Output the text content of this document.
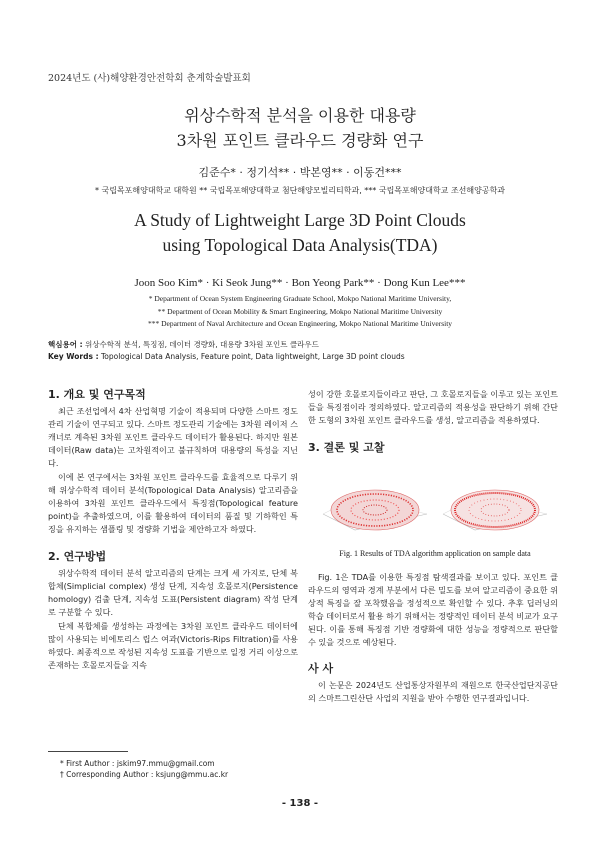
2024년도 (사)해양환경안전학회 춘계학술발표회
위상수학적 분석을 이용한 대용량
3차원 포인트 클라우드 경량화 연구
김준수* · 정기석** · 박본영** · 이동건***
* 국립목포해양대학교 대학원 ** 국립목포해양대학교 첨단해양모빌리티학과, *** 국립목포해양대학교 조선해양공학과
A Study of Lightweight Large 3D Point Clouds
using Topological Data Analysis(TDA)
Joon Soo Kim* · Ki Seok Jung** · Bon Yeong Park** · Dong Kun Lee***
* Department of Ocean System Engineering Graduate School, Mokpo National Maritime University,
** Department of Ocean Mobility & Smart Engineering, Mokpo National Maritime University
*** Department of Naval Architecture and Ocean Engineering, Mokpo National Maritime University
핵심용어 : 위상수학적 분석, 특징점, 데이터 경량화, 대용량 3차원 포인트 클라우드
Key Words : Topological Data Analysis, Feature point, Data lightweight, Large 3D point clouds
1. 개요 및 연구목적

최근 조선업에서 4차 산업혁명 기술이 적용되며 다양한 스마트 정도관리 기술이 연구되고 있다. 스마트 정도관리 기술에는 3차원 레이저 스캐너로 계측된 3차원 포인트 클라우드 데이터가 활용된다. 하지만 원본 데이터(Raw data)는 고차원적이고 불규칙하며 대용량의 특성을 지닌다.

이에 본 연구에서는 3차원 포인트 클라우드를 효율적으로 다루기 위해 위상수학적 데이터 분석(Topological Data Analysis) 알고리즘을 이용하여 3차원 포인트 클라우드에서 특징점(Topological feature point)을 추출하였으며, 이를 활용하여 데이터의 품질 및 기하학인 특징을 유지하는 샘플링 및 경량화 기법을 제안하고자 하였다.

2. 연구방법

위상수학적 데이터 분석 알고리즘의 단계는 크게 세 가지로, 단체 복합체(Simplicial complex) 생성 단계, 지속성 호몰로지(Persistence homology) 검출 단계, 지속성 도표(Persistent diagram) 작성 단계로 구분할 수 있다.

단체 복합체를 생성하는 과정에는 3차원 포인트 클라우드 데이터에 많이 사용되는 비에토리스 립스 여과(Victoris-Rips Filtration)를 사용하였다. 최종적으로 작성된 지속성 도표를 기반으로 일정 거리 이상으로 존재하는 호몰로지들을 지속

성이 강한 호몰로지들이라고 판단, 그 호몰로지들을 이루고 있는 포인트들을 특징점이라 정의하였다. 알고리즘의 적용성을 판단하기 위해 간단한 도형의 3차원 포인트 클라우드를 생성, 알고리즘을 적용하였다.

3. 결론 및 고찰
Fig. 1 Results of TDA algorithm application on sample data

Fig. 1은 TDA를 이용한 특징점 탐색결과를 보이고 있다. 포인트 클라우드의 영역과 경계 부분에서 다른 밀도를 보여 알고리즘이 중요한 위상적 특징을 잘 포착했음을 정성적으로 확인할 수 있다. 추후 딥러닝의 학습 데이터로서 활용 하기 위해서는 정량적인 데이터 분석 비교가 요구된다. 이를 통해 특징점 기반 경량화에 대한 성능을 정량적으로 판단할 수 있을 것으로 예상된다.

사 사

이 논문은 2024년도 산업통상자원부의 재원으로 한국산업단지공단의 스마트그린산단 사업의 지원을 받아 수행한 연구결과입니다.

* First Author : jskim97.mmu@gmail.com
† Corresponding Author : ksjung@mmu.ac.kr
- 138 -
